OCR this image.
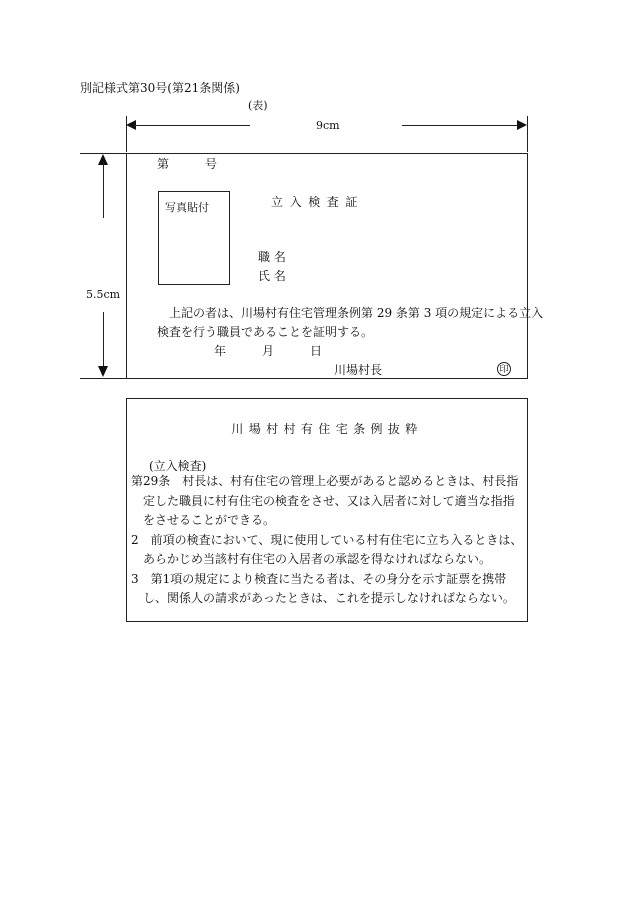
別記様式第30号(第21条関係)
(表)
9cm
5.5cm
第　　　号
写真貼付	立入検査証
職 名
氏 名
上記の者は、川場村有住宅管理条例第 29 条第 3 項の規定による立入
検査を行う職員であることを証明する。
年　　　月　　　日
川場村長	印
川場村村有住宅条例抜粋
(立入検査)
第29条　村長は、村有住宅の管理上必要があると認めるときは、村長指
定した職員に村有住宅の検査をさせ、又は入居者に対して適当な指指
をさせることができる。
2　前項の検査において、現に使用している村有住宅に立ち入るときは、
あらかじめ当該村有住宅の入居者の承認を得なければならない。
3　第1項の規定により検査に当たる者は、その身分を示す証票を携帯
し、関係人の請求があったときは、これを提示しなければならない。
